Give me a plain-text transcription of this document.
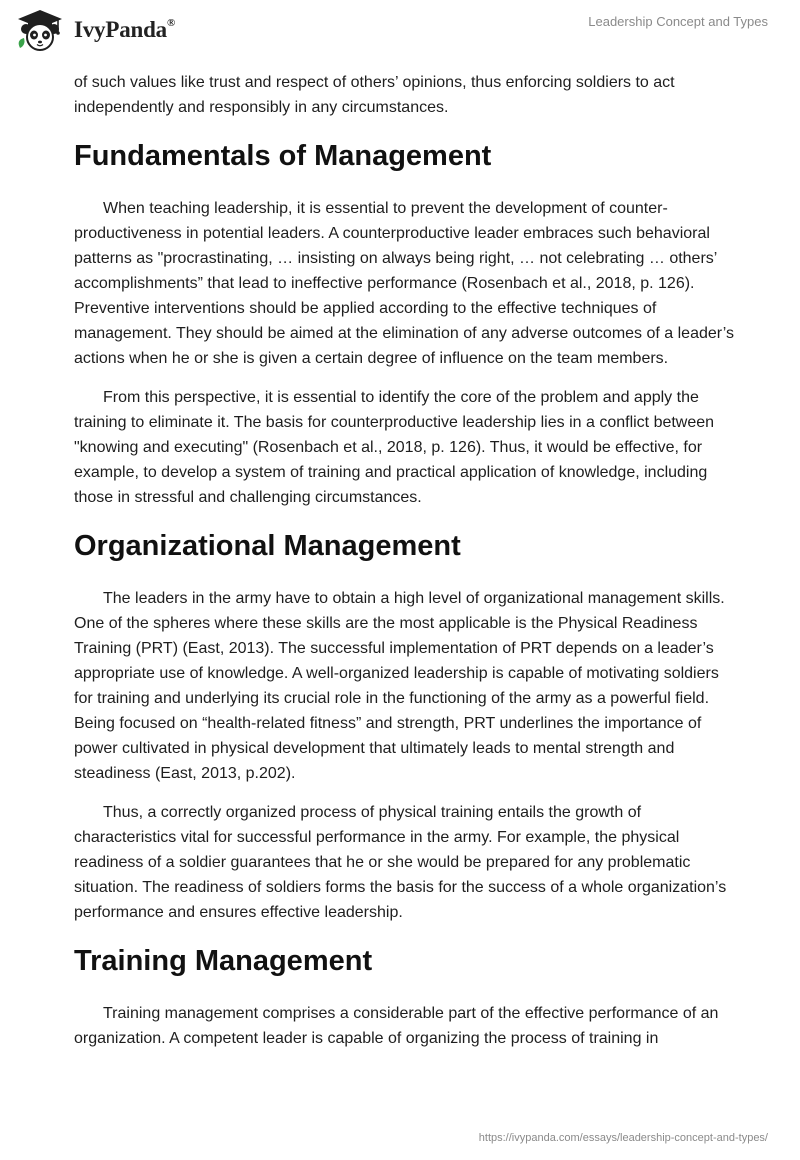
IvyPanda®	Leadership Concept and Types

of such values like trust and respect of others’ opinions, thus enforcing soldiers to act independently and responsibly in any circumstances.

Fundamentals of Management

When teaching leadership, it is essential to prevent the development of counter-productiveness in potential leaders. A counterproductive leader embraces such behavioral patterns as "procrastinating, … insisting on always being right, … not celebrating … others’ accomplishments” that lead to ineffective performance (Rosenbach et al., 2018, p. 126). Preventive interventions should be applied according to the effective techniques of management. They should be aimed at the elimination of any adverse outcomes of a leader’s actions when he or she is given a certain degree of influence on the team members.

From this perspective, it is essential to identify the core of the problem and apply the training to eliminate it. The basis for counterproductive leadership lies in a conflict between "knowing and executing" (Rosenbach et al., 2018, p. 126). Thus, it would be effective, for example, to develop a system of training and practical application of knowledge, including those in stressful and challenging circumstances.

Organizational Management

The leaders in the army have to obtain a high level of organizational management skills. One of the spheres where these skills are the most applicable is the Physical Readiness Training (PRT) (East, 2013). The successful implementation of PRT depends on a leader’s appropriate use of knowledge. A well-organized leadership is capable of motivating soldiers for training and underlying its crucial role in the functioning of the army as a powerful field. Being focused on “health-related fitness” and strength, PRT underlines the importance of power cultivated in physical development that ultimately leads to mental strength and steadiness (East, 2013, p.202).

Thus, a correctly organized process of physical training entails the growth of characteristics vital for successful performance in the army. For example, the physical readiness of a soldier guarantees that he or she would be prepared for any problematic situation. The readiness of soldiers forms the basis for the success of a whole organization’s performance and ensures effective leadership.

Training Management

Training management comprises a considerable part of the effective performance of an organization. A competent leader is capable of organizing the process of training in

https://ivypanda.com/essays/leadership-concept-and-types/
